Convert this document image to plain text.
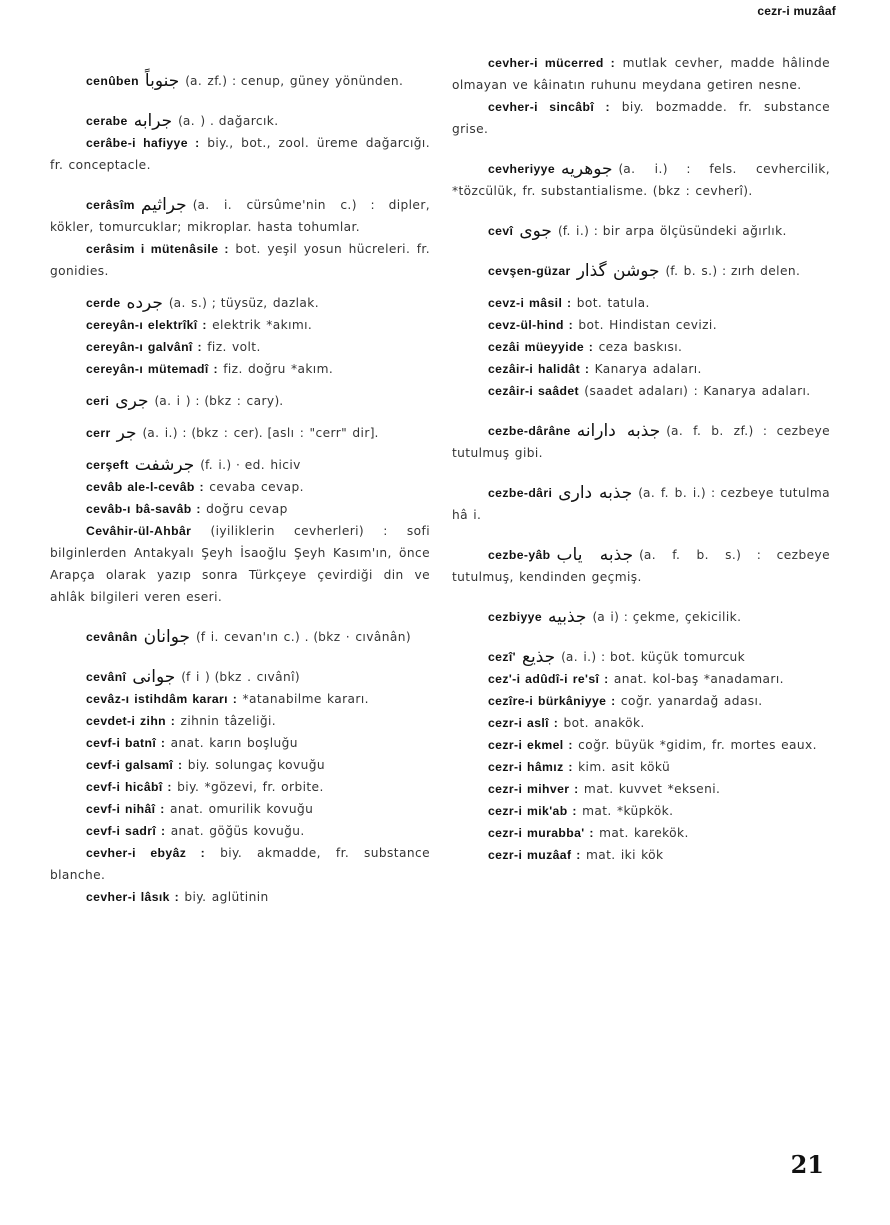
cezr-i muzâaf

cenûben جنوباً (a. zf.) : cenup, güney yönünden.

cerabe جرابه (a. ) . dağarcık.

cerâbe-i hafiyye : biy., bot., zool. üreme dağarcığı. fr. conceptacle.

cerâsîm جراثيم (a. i. cürsûme'nin c.) : dipler, kökler, tomurcuklar; mikroplar. hasta tohumlar.

cerâsim i mütenâsile : bot. yeşil yosun hücreleri. fr. gonidies.

cerde جرده (a. s.) ; tüysüz, dazlak.

cereyân-ı elektrîkî : elektrik *akımı.

cereyân-ı galvânî : fiz. volt.

cereyân-ı mütemadî : fiz. doğru *akım.

ceri جرى (a. i ) : (bkz : cary).

cerr جر (a. i.) : (bkz : cer). [aslı : "cerr" dir].

cerşeft جرشفت (f. i.) · ed. hiciv

cevâb ale-l-cevâb : cevaba cevap.

cevâb-ı bâ-savâb : doğru cevap

Cevâhir-ül-Ahbâr (iyiliklerin cevherleri) : sofi bilginlerden Antakyalı Şeyh İsaoğlu Şeyh Kasım'ın, önce Arapça olarak yazıp sonra Türkçeye çevirdiği din ve ahlâk bilgileri veren eseri.

cevânân جوانان (f i. cevan'ın c.) . (bkz · cıvânân)

cevânî جوانى (f i ) (bkz . cıvânî)

cevâz-ı istihdâm kararı : *atanabilme kararı.

cevdet-i zihn : zihnin tâzeliği.

cevf-i batnî : anat. karın boşluğu

cevf-i galsamî : biy. solungaç kovuğu

cevf-i hicâbî : biy. *gözevi, fr. orbite.

cevf-i nihâî : anat. omurilik kovuğu

cevf-i sadrî : anat. göğüs kovuğu.

cevher-i ebyâz : biy. akmadde, fr. substance blanche.

cevher-i lâsık : biy. aglütinin

cevher-i mücerred : mutlak cevher, madde hâlinde olmayan ve kâinatın ruhunu meydana getiren nesne.

cevher-i sincâbî : biy. bozmadde. fr. substance grise.

cevheriyye جوهريه (a. i.) : fels. cevhercilik, *tözcülük, fr. substantialisme. (bkz : cevherî).

cevî جوى (f. i.) : bir arpa ölçüsündeki ağırlık.

cevşen-güzar جوشن گذار (f. b. s.) : zırh delen.

cevz-i mâsil : bot. tatula.

cevz-ül-hind : bot. Hindistan cevizi.

cezâi müeyyide : ceza baskısı.

cezâir-i halidât : Kanarya adaları.

cezâir-i saâdet (saadet adaları) : Kanarya adaları.

cezbe-dârâne جذبه دارانه (a. f. b. zf.) : cezbeye tutulmuş gibi.

cezbe-dâri جذبه دارى (a. f. b. i.) : cezbeye tutulma hâ i.

cezbe-yâb جذبه ياب (a. f. b. s.) : cezbeye tutulmuş, kendinden geçmiş.

cezbiyye جذبيه (a i) : çekme, çekicilik.

cezî' جذيع (a. i.) : bot. küçük tomurcuk

cez'-i adûdî-i re'sî : anat. kol-baş *anadamarı.

cezîre-i bürkâniyye : coğr. yanardağ adası.

cezr-i aslî : bot. anakök.

cezr-i ekmel : coğr. büyük *gidim, fr. mortes eaux.

cezr-i hâmız : kim. asit kökü

cezr-i mihver : mat. kuvvet *ekseni.

cezr-i mik'ab : mat. *küpkök.

cezr-i murabba' : mat. karekök.

cezr-i muzâaf : mat. iki kök

21
